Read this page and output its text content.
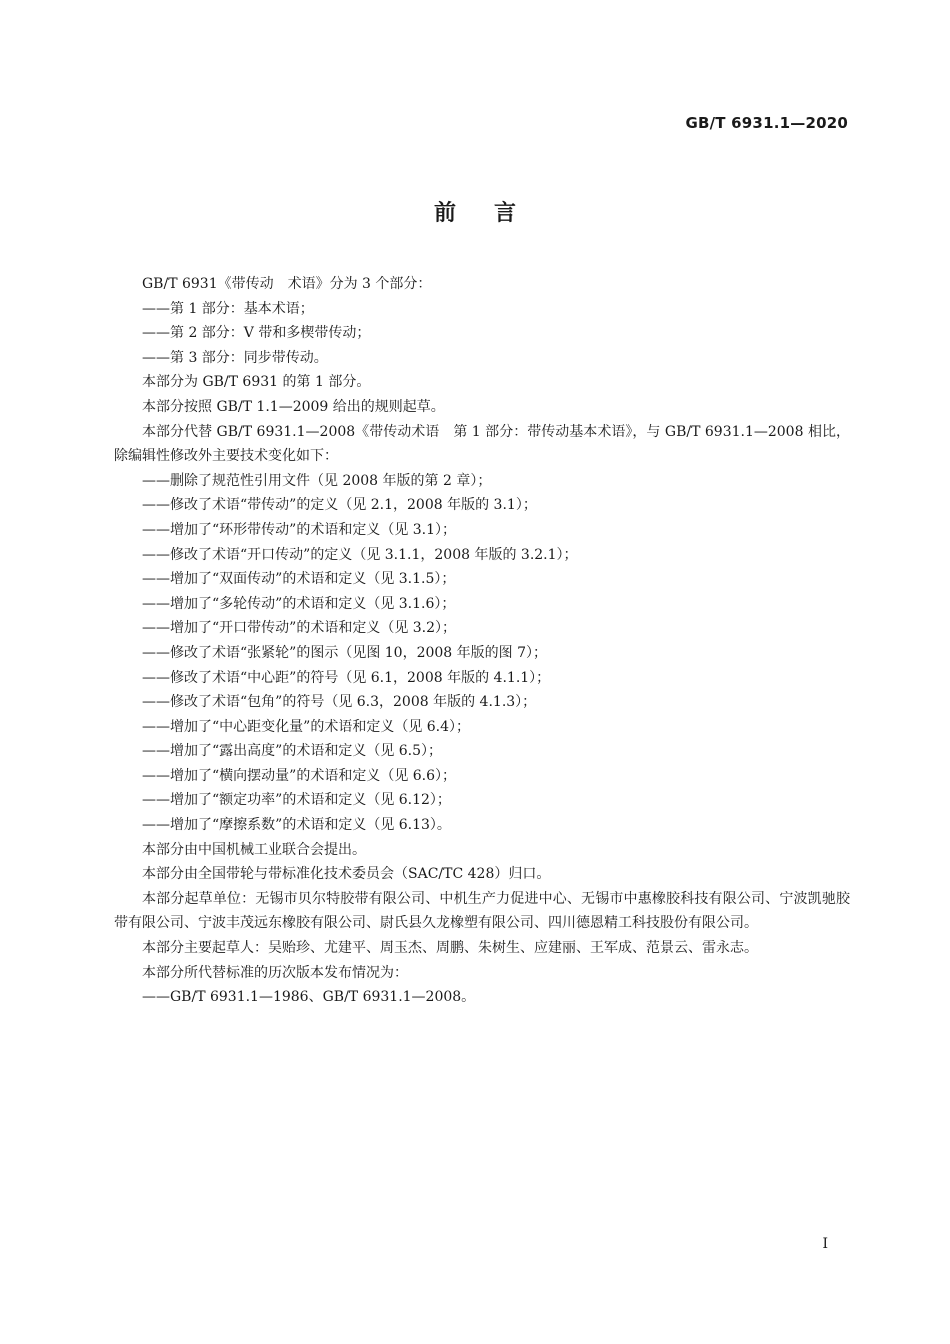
GB/T 6931.1—2020
前言

GB/T 6931《带传动　术语》分为 3 个部分：

——第 1 部分：基本术语；

——第 2 部分：V 带和多楔带传动；

——第 3 部分：同步带传动。

本部分为 GB/T 6931 的第 1 部分。

本部分按照 GB/T 1.1—2009 给出的规则起草。

本部分代替 GB/T 6931.1—2008《带传动术语　第 1 部分：带传动基本术语》，与 GB/T 6931.1—2008 相比，除编辑性修改外主要技术变化如下：

——删除了规范性引用文件（见 2008 年版的第 2 章）；

——修改了术语“带传动”的定义（见 2.1，2008 年版的 3.1）；

——增加了“环形带传动”的术语和定义（见 3.1）；

——修改了术语“开口传动”的定义（见 3.1.1，2008 年版的 3.2.1）；

——增加了“双面传动”的术语和定义（见 3.1.5）；

——增加了“多轮传动”的术语和定义（见 3.1.6）；

——增加了“开口带传动”的术语和定义（见 3.2）；

——修改了术语“张紧轮”的图示（见图 10，2008 年版的图 7）；

——修改了术语“中心距”的符号（见 6.1，2008 年版的 4.1.1）；

——修改了术语“包角”的符号（见 6.3，2008 年版的 4.1.3）；

——增加了“中心距变化量”的术语和定义（见 6.4）；

——增加了“露出高度”的术语和定义（见 6.5）；

——增加了“横向摆动量”的术语和定义（见 6.6）；

——增加了“额定功率”的术语和定义（见 6.12）；

——增加了“摩擦系数”的术语和定义（见 6.13）。

本部分由中国机械工业联合会提出。

本部分由全国带轮与带标准化技术委员会（SAC/TC 428）归口。

本部分起草单位：无锡市贝尔特胶带有限公司、中机生产力促进中心、无锡市中惠橡胶科技有限公司、宁波凯驰胶带有限公司、宁波丰茂远东橡胶有限公司、尉氏县久龙橡塑有限公司、四川德恩精工科技股份有限公司。

本部分主要起草人：吴贻珍、尤建平、周玉杰、周鹏、朱树生、应建丽、王军成、范景云、雷永志。

本部分所代替标准的历次版本发布情况为：

——GB/T 6931.1—1986、GB/T 6931.1—2008。

I
